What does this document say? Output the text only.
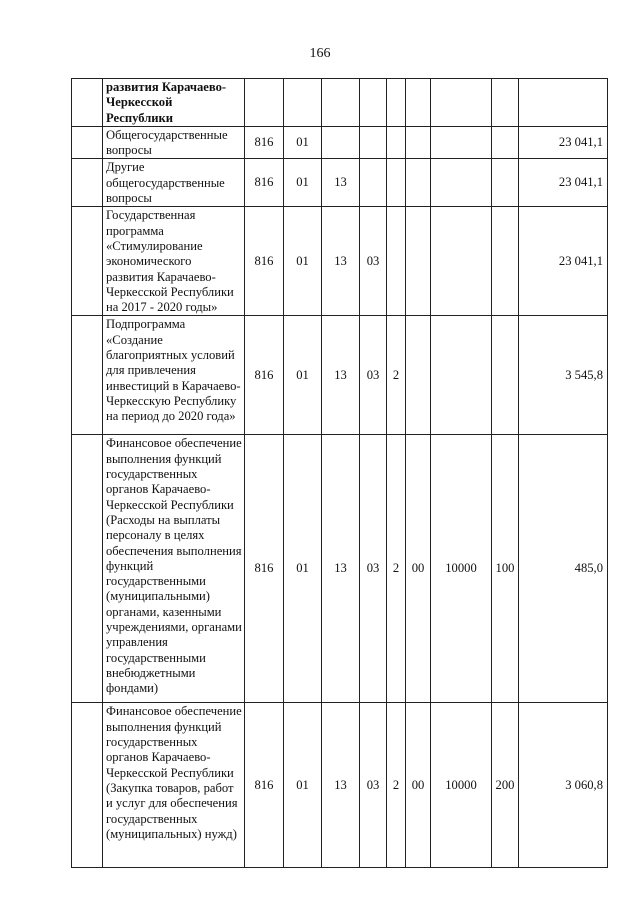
166
	развития Карачаево-Черкесской Республики									
	Общегосударственные вопросы	816	01							23 041,1
	Другие общегосударственные вопросы	816	01	13						23 041,1
	Государственная программа «Стимулирование экономического развития Карачаево-Черкесской Республики на 2017 - 2020 годы»	816	01	13	03					23 041,1
	Подпрограмма «Создание благоприятных условий для привлечения инвестиций в Карачаево-Черкесскую Республику на период до 2020 года»	816	01	13	03	2				3 545,8
	Финансовое обеспечение выполнения функций государственных органов Карачаево-Черкесской Республики (Расходы на выплаты персоналу в целях обеспечения выполнения функций государственными (муниципальными) органами, казенными учреждениями, органами управления государственными внебюджетными фондами)	816	01	13	03	2	00	10000	100	485,0
	Финансовое обеспечение выполнения функций государственных органов Карачаево-Черкесской Республики (Закупка товаров, работ и услуг для обеспечения государственных (муниципальных) нужд)	816	01	13	03	2	00	10000	200	3 060,8
